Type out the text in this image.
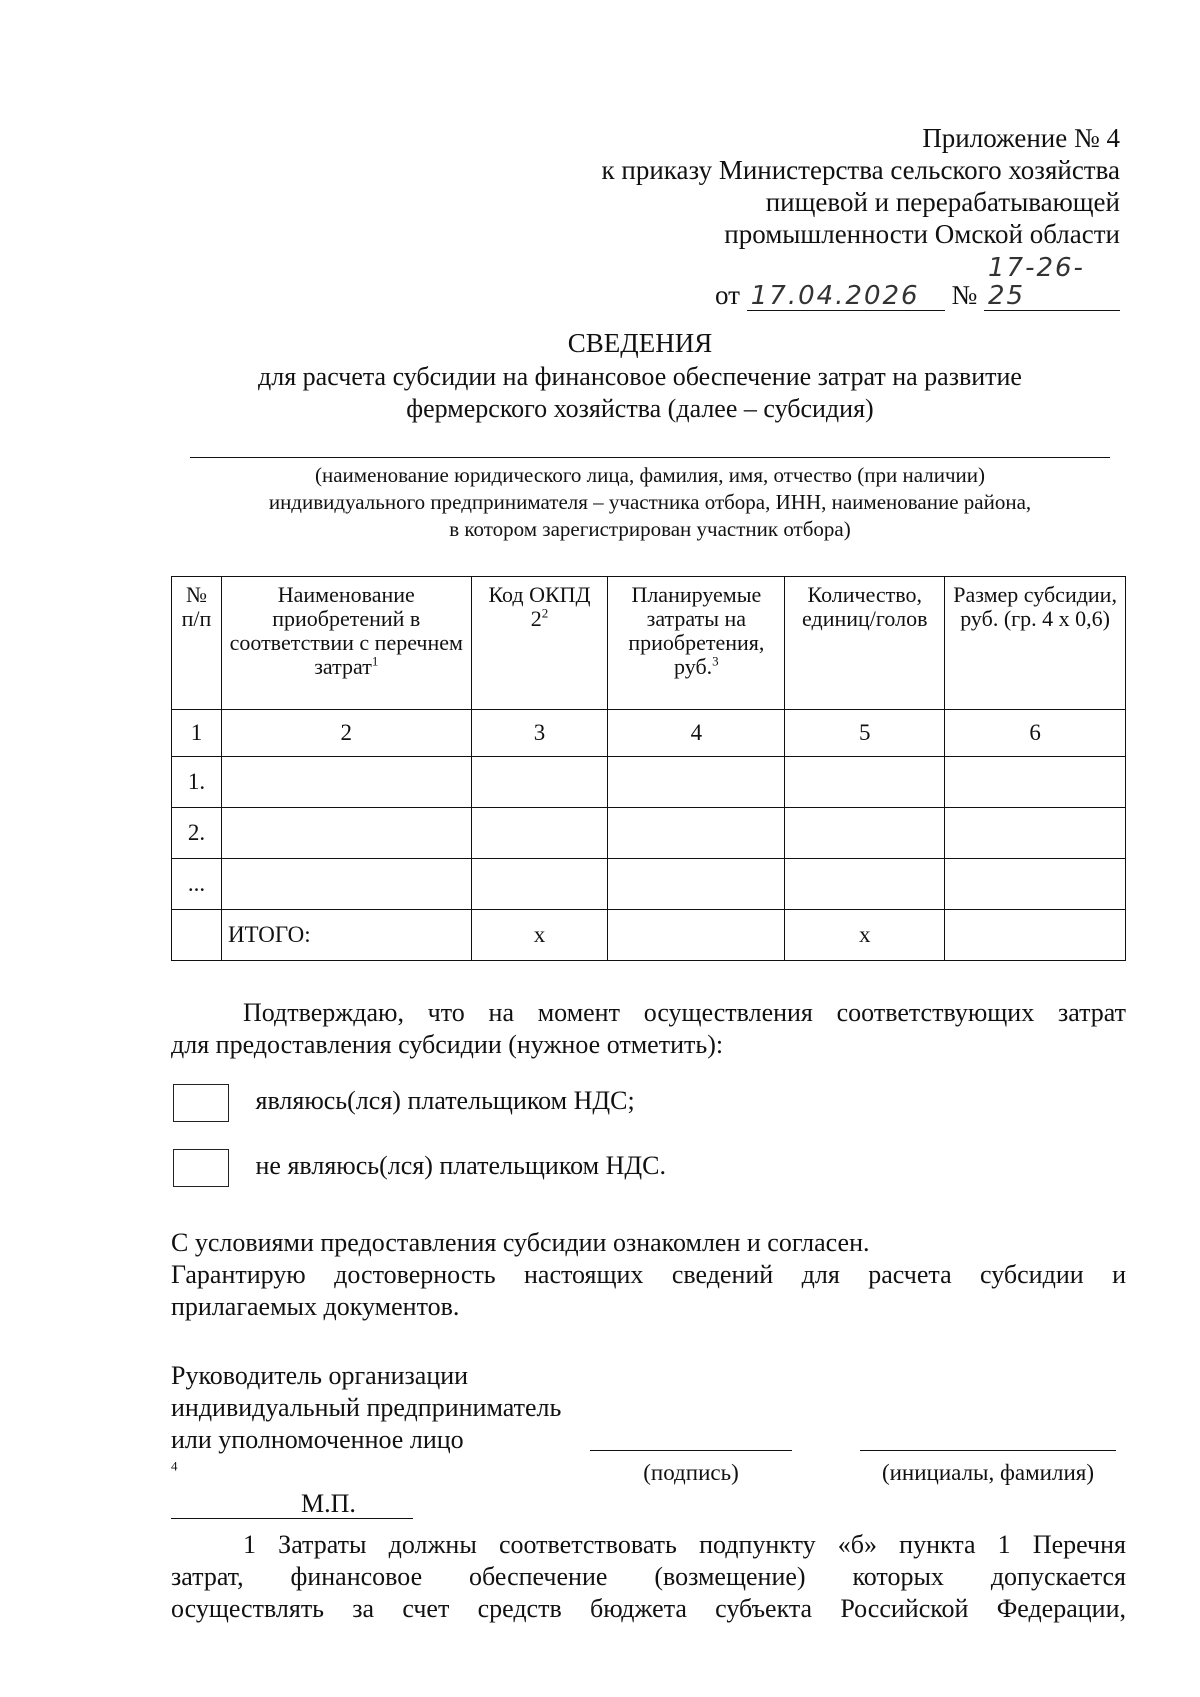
Приложение № 4
к приказу Министерства сельского хозяйства
пищевой и перерабатывающей
промышленности Омской области
от 17.04.2026 № 17-26-25
СВЕДЕНИЯ
для расчета субсидии на финансовое обеспечение затрат на развитие
фермерского хозяйства (далее – субсидия)
(наименование юридического лица, фамилия, имя, отчество (при наличии)
индивидуального предпринимателя – участника отбора, ИНН, наименование района,
в котором зарегистрирован участник отбора)
№ п/п	Наименование приобретений в соответствии с перечнем затрат$^1$	Код ОКПД $2^2$	Планируемые затраты на приобретения, руб.$^3$	Количество, единиц/голов	Размер субсидии, руб. (гр. 4 х 0,6)
1	2	3	4	5	6
1.					
2.					
...					
	ИТОГО:	х		х	
Подтверждаю, что на момент осуществления соответствующих затрат
для предоставления субсидии (нужное отметить):
являюсь(лся) плательщиком НДС;
не являюсь(лся) плательщиком НДС.
С условиями предоставления субсидии ознакомлен и согласен.
Гарантирую достоверность настоящих сведений для расчета субсидии и
прилагаемых документов.
Руководитель организации
индивидуальный предприниматель
или уполномоченное лицо
$^4$
М.П.
(подпись)	(инициалы, фамилия)
1 Затраты должны соответствовать подпункту «б» пункта 1 Перечня
затрат, финансовое обеспечение (возмещение) которых допускается
осуществлять за счет средств бюджета субъекта Российской Федерации,
